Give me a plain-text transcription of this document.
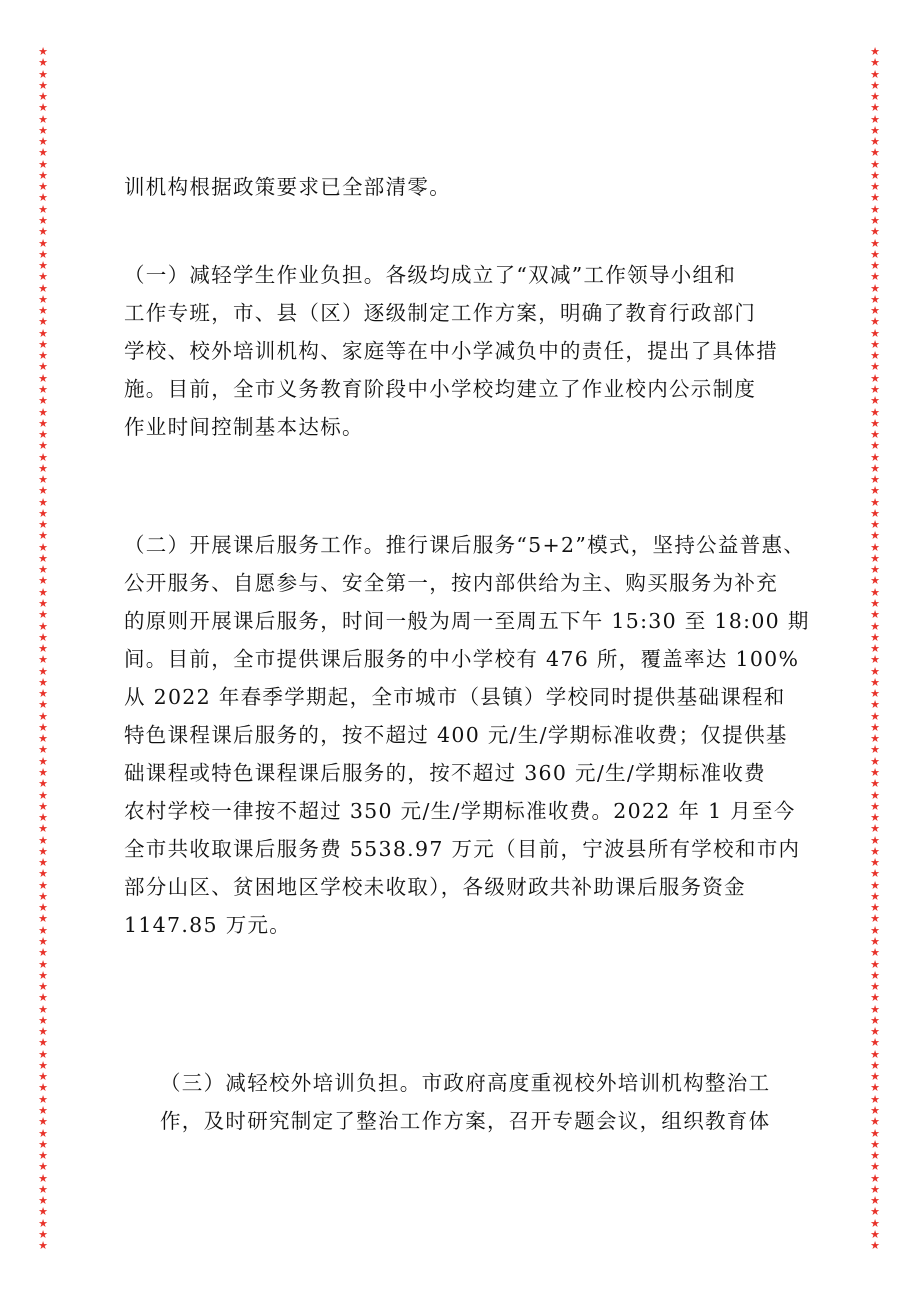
★★★★★★★★★★★★★★★★★★★★★★★★★★★★★★★★★★★★★★★★★★★★★★★★★★★★★★★★★★★★★★★★★★★★★★★★★★★★★★★★★★★★★★★★★★★★★★★★★★★★★★★★★★★
★★★★★★★★★★★★★★★★★★★★★★★★★★★★★★★★★★★★★★★★★★★★★★★★★★★★★★★★★★★★★★★★★★★★★★★★★★★★★★★★★★★★★★★★★★★★★★★★★★★★★★★★★★★
训机构根据政策要求已全部清零。
（一）减轻学生作业负担。各级均成立了“双减”工作领导小组和
工作专班，市、县（区）逐级制定工作方案，明确了教育行政部门
学校、校外培训机构、家庭等在中小学减负中的责任，提出了具体措
施。目前，全市义务教育阶段中小学校均建立了作业校内公示制度
作业时间控制基本达标。
（二）开展课后服务工作。推行课后服务“5+2”模式，坚持公益普惠、
公开服务、自愿参与、安全第一，按内部供给为主、购买服务为补充
的原则开展课后服务，时间一般为周一至周五下午 15:30 至 18:00 期
间。目前，全市提供课后服务的中小学校有 476 所，覆盖率达 100%
从 2022 年春季学期起，全市城市（县镇）学校同时提供基础课程和
特色课程课后服务的，按不超过 400 元/生/学期标准收费；仅提供基
础课程或特色课程课后服务的，按不超过 360 元/生/学期标准收费
农村学校一律按不超过 350 元/生/学期标准收费。2022 年 1 月至今
全市共收取课后服务费 5538.97 万元（目前，宁波县所有学校和市内
部分山区、贫困地区学校未收取），各级财政共补助课后服务资金
1147.85 万元。
（三）减轻校外培训负担。市政府高度重视校外培训机构整治工
作，及时研究制定了整治工作方案，召开专题会议，组织教育体
